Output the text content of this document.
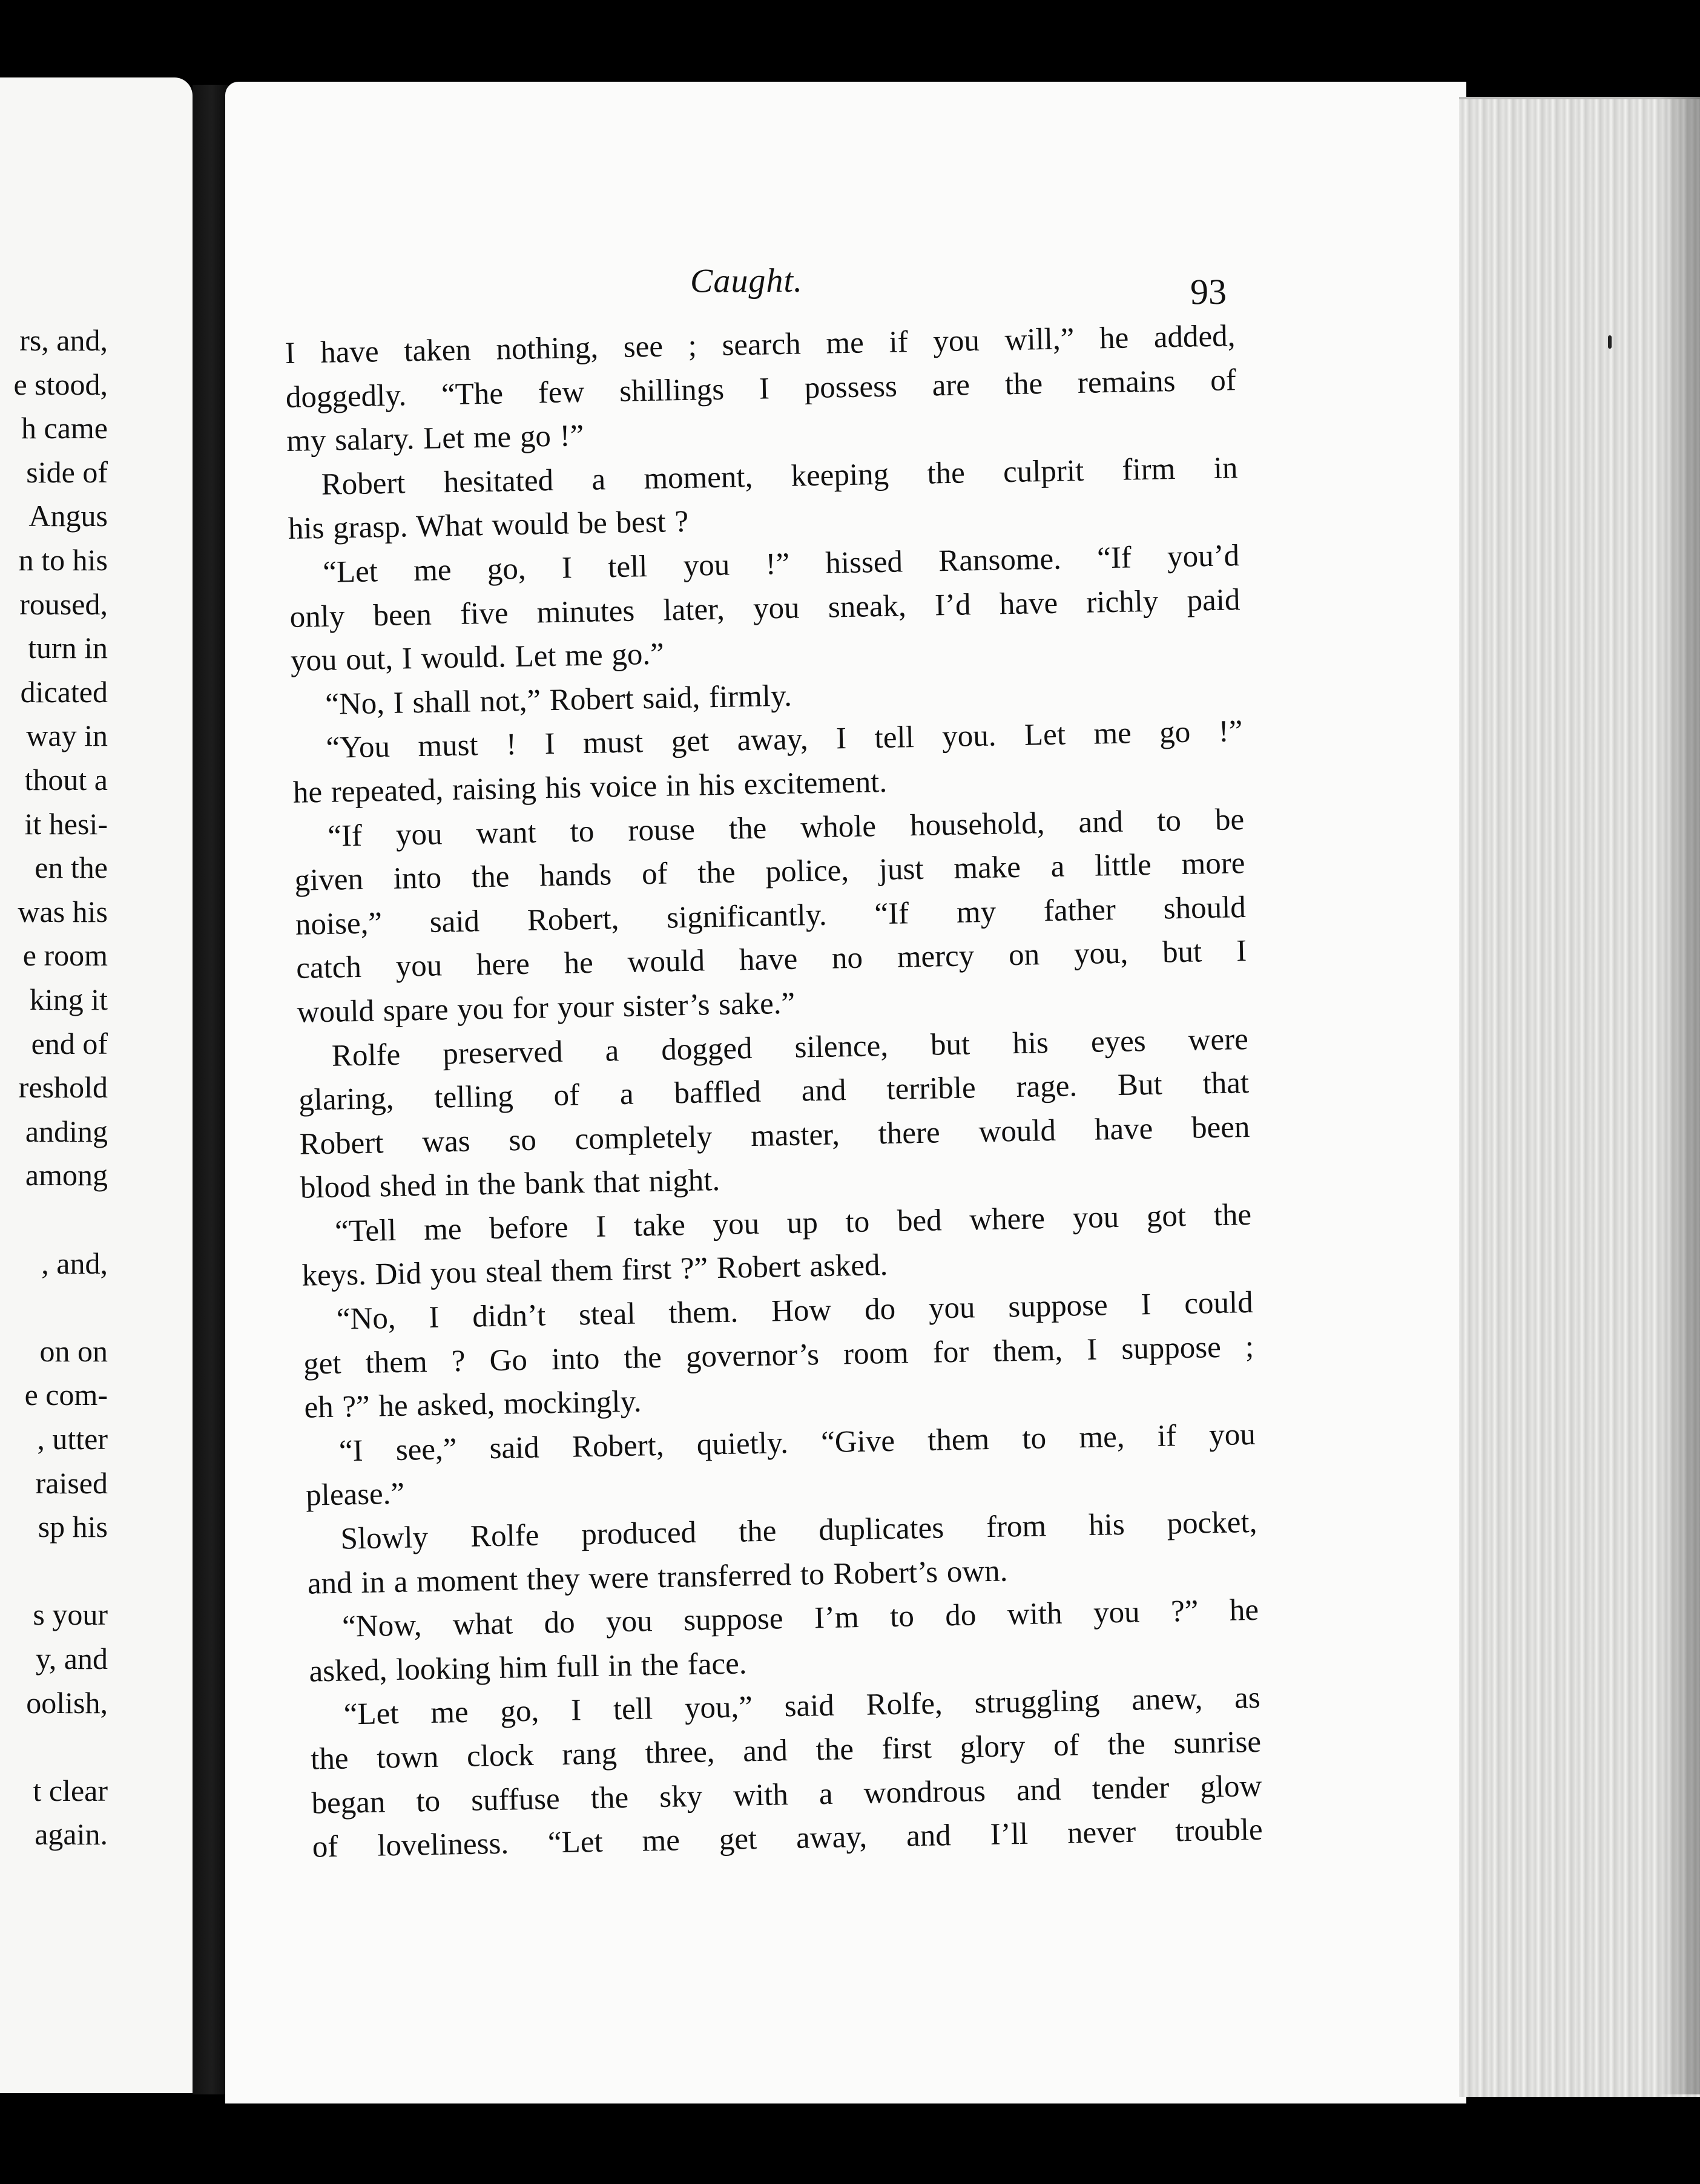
rs, and,
e stood,
h came
side of
Angus
n to his
roused,
turn in
dicated
way in
thout a
it hesi-
en the
was his
e room
king it
end of
reshold
anding
among
, and,
on on
e com-
, utter
raised
sp his
s your
y, and
oolish,
t clear
again.
Caught.	93
I have taken nothing, see ; search me if you will,” he added,
doggedly. “The few shillings I possess are the remains of
my salary. Let me go !”
Robert hesitated a moment, keeping the culprit firm in
his grasp. What would be best ?
“Let me go, I tell you !” hissed Ransome. “If you’d
only been five minutes later, you sneak, I’d have richly paid
you out, I would. Let me go.”
“No, I shall not,” Robert said, firmly.
“You must ! I must get away, I tell you. Let me go !”
he repeated, raising his voice in his excitement.
“If you want to rouse the whole household, and to be
given into the hands of the police, just make a little more
noise,” said Robert, significantly. “If my father should
catch you here he would have no mercy on you, but I
would spare you for your sister’s sake.”
Rolfe preserved a dogged silence, but his eyes were
glaring, telling of a baffled and terrible rage. But that
Robert was so completely master, there would have been
blood shed in the bank that night.
“Tell me before I take you up to bed where you got the
keys. Did you steal them first ?” Robert asked.
“No, I didn’t steal them. How do you suppose I could
get them ? Go into the governor’s room for them, I suppose ;
eh ?” he asked, mockingly.
“I see,” said Robert, quietly. “Give them to me, if you
please.”
Slowly Rolfe produced the duplicates from his pocket,
and in a moment they were transferred to Robert’s own.
“Now, what do you suppose I’m to do with you ?” he
asked, looking him full in the face.
“Let me go, I tell you,” said Rolfe, struggling anew, as
the town clock rang three, and the first glory of the sunrise
began to suffuse the sky with a wondrous and tender glow
of loveliness. “Let me get away, and I’ll never trouble
